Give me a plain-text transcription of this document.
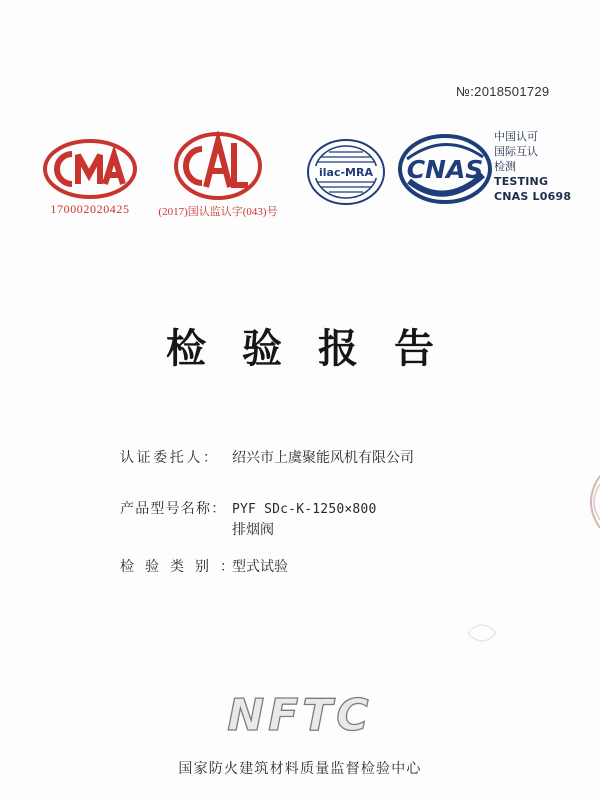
№:2018501729
170002020425	(2017)国认监认字(043)号
ilac-MRA CNAS
中国认可
国际互认
检测
TESTING
CNAS L0698
检验报告
认证委托人： 绍兴市上虞聚能风机有限公司
产品型号名称： PYF SDc-K-1250×800
排烟阀
检验类别：
型式试验
NFTC
国家防火建筑材料质量监督检验中心
